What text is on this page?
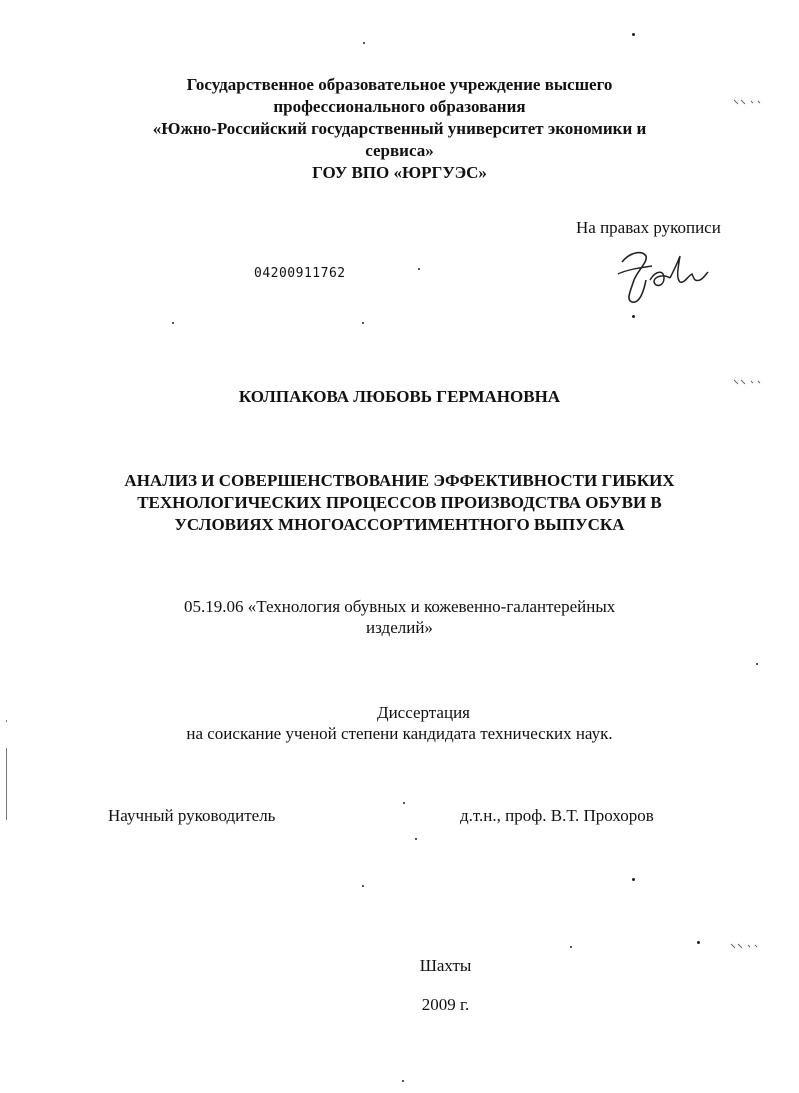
Государственное образовательное учреждение высшего
профессионального образования
«Южно-Российский государственный университет экономики и
сервиса»
ГОУ ВПО «ЮРГУЭС»
На правах рукописи
04200911762
КОЛПАКОВА ЛЮБОВЬ ГЕРМАНОВНА
АНАЛИЗ И СОВЕРШЕНСТВОВАНИЕ ЭФФЕКТИВНОСТИ ГИБКИХ
ТЕХНОЛОГИЧЕСКИХ ПРОЦЕССОВ ПРОИЗВОДСТВА ОБУВИ В
УСЛОВИЯХ МНОГОАССОРТИМЕНТНОГО ВЫПУСКА
05.19.06 «Технология обувных и кожевенно-галантерейных
изделий»
Диссертация
на соискание ученой степени кандидата технических наук.
Научный руководитель	д.т.н., проф. В.Т. Прохоров
Шахты
2009 г.
